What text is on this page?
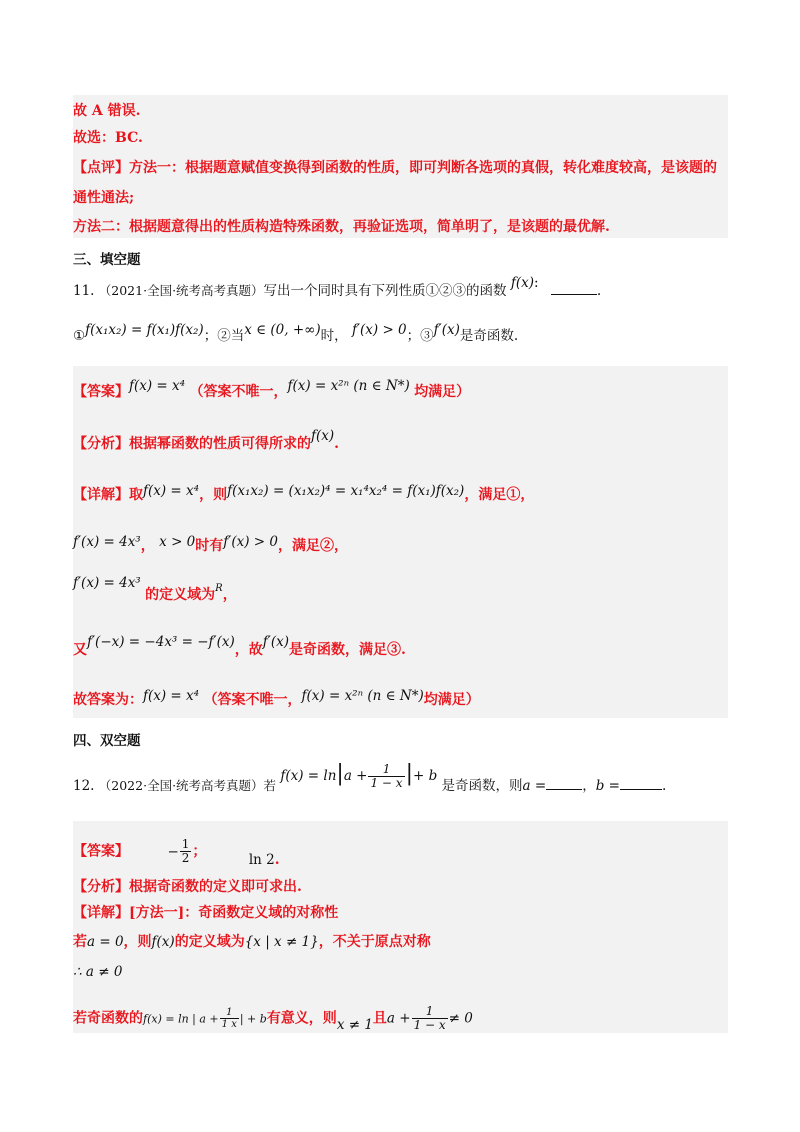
故 A 错误.
故选：BC.
【点评】方法一：根据题意赋值变换得到函数的性质，即可判断各选项的真假，转化难度较高，是该题的
通性通法;
方法二：根据题意得出的性质构造特殊函数，再验证选项，简单明了，是该题的最优解.
三、填空题
11. （2021·全国·统考高考真题）写出一个同时具有下列性质①②③的函数 f(x):	.
①f(x₁x₂) = f(x₁)f(x₂)；②当x ∈ (0, +∞)时， f′(x) > 0；③f′(x)是奇函数.
【答案】f(x) = x⁴ （答案不唯一，f(x) = x²ⁿ (n ∈ N*) 均满足）
【分析】根据幂函数的性质可得所求的f(x).
【详解】取f(x) = x⁴，则f(x₁x₂) = (x₁x₂)⁴ = x₁⁴x₂⁴ = f(x₁)f(x₂)，满足①，
f′(x) = 4x³， x > 0时有f′(x) > 0，满足②，
f′(x) = 4x³ 的定义域为$^R$，
又f′(−x) = −4x³ = −f′(x)，故f′(x)是奇函数，满足③.
故答案为：f(x) = x⁴ （答案不唯一，f(x) = x²ⁿ (n ∈ N*)均满足）
四、双空题
12. （2022·全国·统考高考真题）若 $f(x) = \ln|a + \frac{1}{1 - x}$ |+ b 是奇函数，则a =	，b =	.
【答案】	− $\frac{1}{2}$ ；	ln 2.
【分析】根据奇函数的定义即可求出.
【详解】[方法一]：奇函数定义域的对称性
若a = 0，则f(x)的定义域为{x | x ≠ 1}，不关于原点对称
∴ a ≠ 0
若奇函数的f(x) = ln | $a + \frac{1}{1 x}$ | + b有意义，则x ≠ 1且$a + \frac{1}{1 - x} \ne 0$
